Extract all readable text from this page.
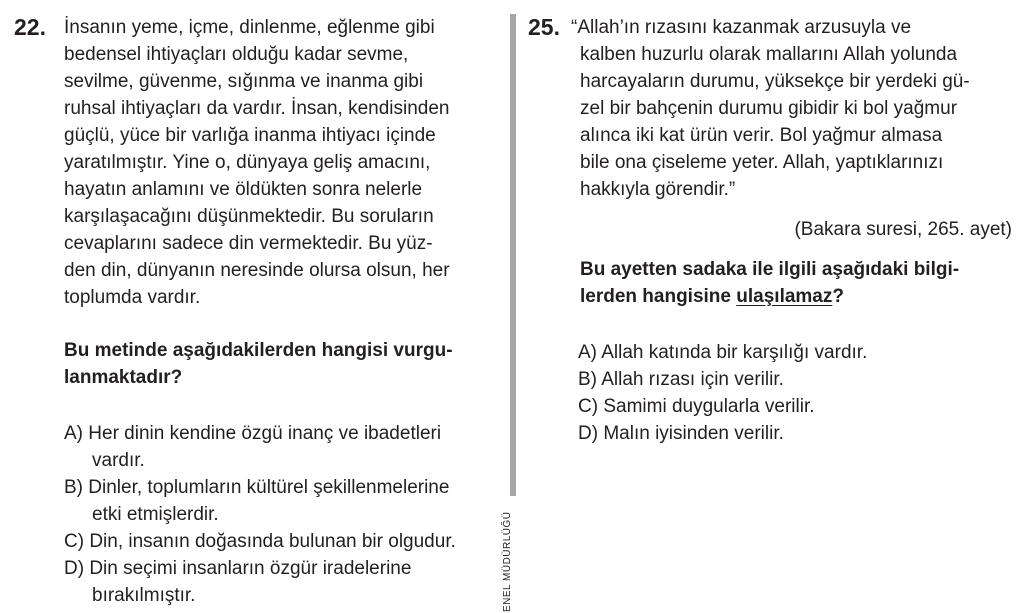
22. İnsanın yeme, içme, dinlenme, eğlenme gibi
bedensel ihtiyaçları olduğu kadar sevme,
sevilme, güvenme, sığınma ve inanma gibi
ruhsal ihtiyaçları da vardır. İnsan, kendisinden
güçlü, yüce bir varlığa inanma ihtiyacı içinde
yaratılmıştır. Yine o, dünyaya geliş amacını,
hayatın anlamını ve öldükten sonra nelerle
karşılaşacağını düşünmektedir. Bu soruların
cevaplarını sadece din vermektedir. Bu yüz-
den din, dünyanın neresinde olursa olsun, her
toplumda vardır.
Bu metinde aşağıdakilerden hangisi vurgu-
lanmaktadır?
A) Her dinin kendine özgü inanç ve ibadetleri
vardır.
B) Dinler, toplumların kültürel şekillenmelerine
etki etmişlerdir.
C) Din, insanın doğasında bulunan bir olgudur.
D) Din seçimi insanların özgür iradelerine
bırakılmıştır.	ENEL MÜDÜRLÜĞÜ
25. “Allah’ın rızasını kazanmak arzusuyla ve
kalben huzurlu olarak mallarını Allah yolunda
harcayaların durumu, yüksekçe bir yerdeki gü-
zel bir bahçenin durumu gibidir ki bol yağmur
alınca iki kat ürün verir. Bol yağmur almasa
bile ona çiseleme yeter. Allah, yaptıklarınızı
hakkıyla görendir.”
(Bakara suresi, 265. ayet)
Bu ayetten sadaka ile ilgili aşağıdaki bilgi-
lerden hangisine ulaşılamaz?
A) Allah katında bir karşılığı vardır.
B) Allah rızası için verilir.
C) Samimi duygularla verilir.
D) Malın iyisinden verilir.
